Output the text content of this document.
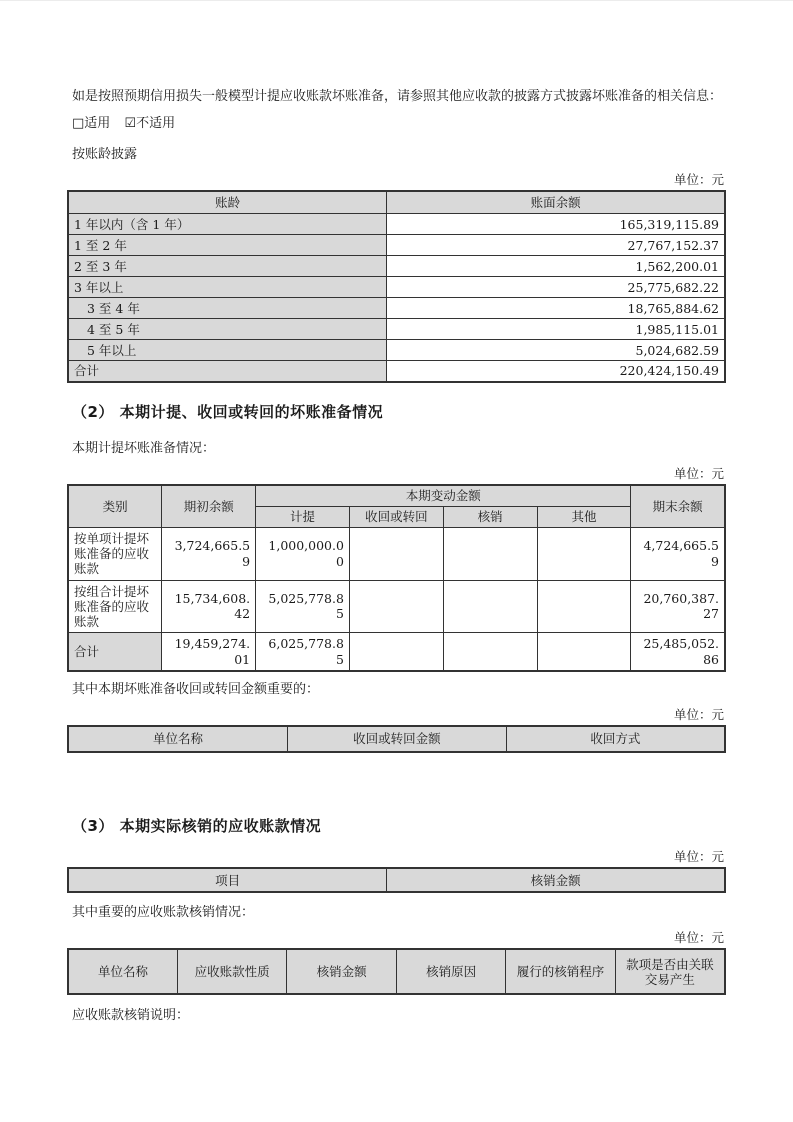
如是按照预期信用损失一般模型计提应收账款坏账准备，请参照其他应收款的披露方式披露坏账准备的相关信息：

□适用 ☑不适用

按账龄披露

单位：元
账龄	账面余额
1 年以内（含 1 年）	165,319,115.89
1 至 2 年	27,767,152.37
2 至 3 年	1,562,200.01
3 年以上	25,775,682.22
3 至 4 年	18,765,884.62
4 至 5 年	1,985,115.01
5 年以上	5,024,682.59
合计	220,424,150.49
（2） 本期计提、收回或转回的坏账准备情况

本期计提坏账准备情况：

单位：元
类别	期初余额	本期变动金额				期末余额
		计提	收回或转回	核销	其他	
按单项计提坏账准备的应收账款	3,724,665.59	1,000,000.00				4,724,665.59
按组合计提坏账准备的应收账款	15,734,608.42	5,025,778.85				20,760,387.27
合计	19,459,274.01	6,025,778.85				25,485,052.86

其中本期坏账准备收回或转回金额重要的：

单位：元
单位名称	收回或转回金额	收回方式
（3） 本期实际核销的应收账款情况
单位：元
项目	核销金额

其中重要的应收账款核销情况：

单位：元
单位名称	应收账款性质	核销金额	核销原因	履行的核销程序	款项是否由关联交易产生

应收账款核销说明：
